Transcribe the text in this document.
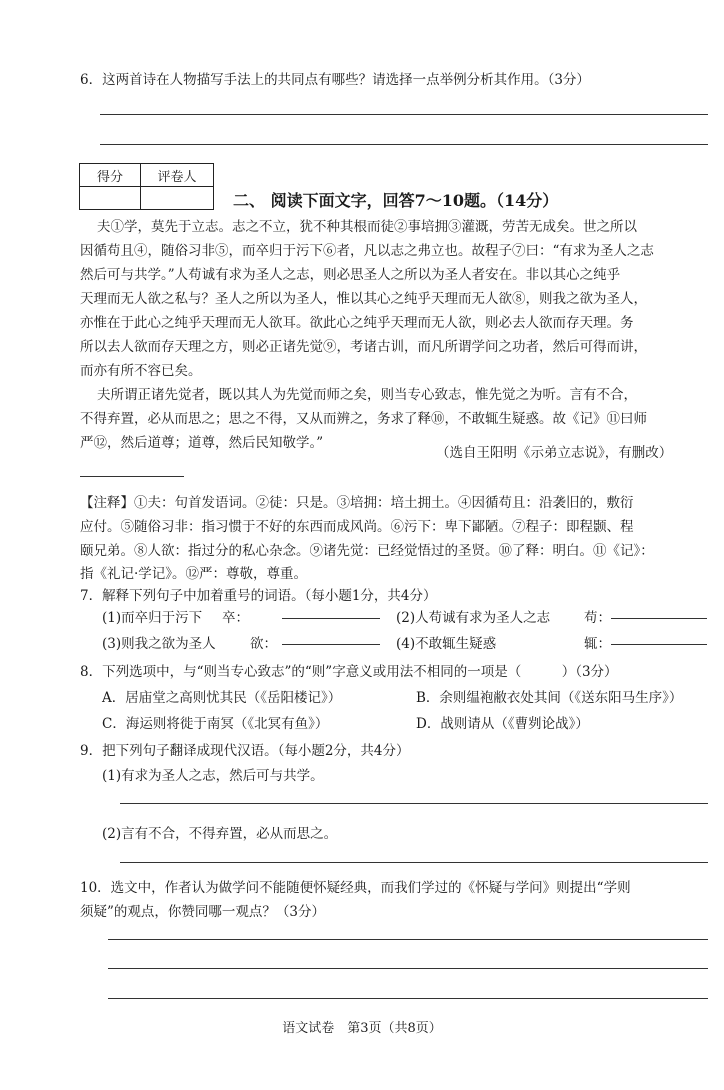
6．这两首诗在人物描写手法上的共同点有哪些？请选择一点举例分析其作用。（3分）
得分	评卷人

二、 阅读下面文字，回答7～10题。（14分）
夫①学，莫先于立志。志之不立，犹不种其根而徒②事培拥③灌溉，劳苦无成矣。世之所以
因循苟且④，随俗习非⑤，而卒归于污下⑥者，凡以志之弗立也。故程子⑦曰：“有求为圣人之志
然后可与共学。”人苟诚有求为圣人之志，则必思圣人之所以为圣人者安在。非以其心之纯乎
天理而无人欲之私与？圣人之所以为圣人，惟以其心之纯乎天理而无人欲⑧，则我之欲为圣人，
亦惟在于此心之纯乎天理而无人欲耳。欲此心之纯乎天理而无人欲，则必去人欲而存天理。务
所以去人欲而存天理之方，则必正诸先觉⑨，考诸古训，而凡所谓学问之功者，然后可得而讲，
而亦有所不容已矣。
夫所谓正诸先觉者，既以其人为先觉而师之矣，则当专心致志，惟先觉之为听。言有不合，
不得弃置，必从而思之；思之不得，又从而辨之，务求了释⑩，不敢辄生疑惑。故《记》⑪曰师
严⑫，然后道尊；道尊，然后民知敬学。”
（选自王阳明《示弟立志说》，有删改）
【注释】①夫：句首发语词。②徒：只是。③培拥：培土拥土。④因循苟且：沿袭旧的，敷衍
应付。⑤随俗习非：指习惯于不好的东西而成风尚。⑥污下：卑下鄙陋。⑦程子：即程颢、程
颐兄弟。⑧人欲：指过分的私心杂念。⑨诸先觉：已经觉悟过的圣贤。⑩了释：明白。⑪《记》：
指《礼记·学记》。⑫严：尊敬，尊重。
7．解释下列句子中加着重号的词语。（每小题1分，共4分）
(1)而卒归于污下 卒：	(2)人苟诚有求为圣人之志	苟：
(3)则我之欲为圣人	欲：	(4)不敢辄生疑惑	辄：
8．下列选项中，与“则当专心致志”的“则”字意义或用法不相同的一项是（　　　）（3分）
A．居庙堂之高则忧其民（《岳阳楼记》）	B．余则缊袍敝衣处其间（《送东阳马生序》）
C．海运则将徙于南冥（《北冥有鱼》）	D．战则请从（《曹刿论战》）
9．把下列句子翻译成现代汉语。（每小题2分，共4分）
(1)有求为圣人之志，然后可与共学。
(2)言有不合，不得弃置，必从而思之。
10．选文中，作者认为做学问不能随便怀疑经典，而我们学过的《怀疑与学问》则提出“学则
须疑”的观点，你赞同哪一观点？（3分）
语文试卷　第3页（共8页）
